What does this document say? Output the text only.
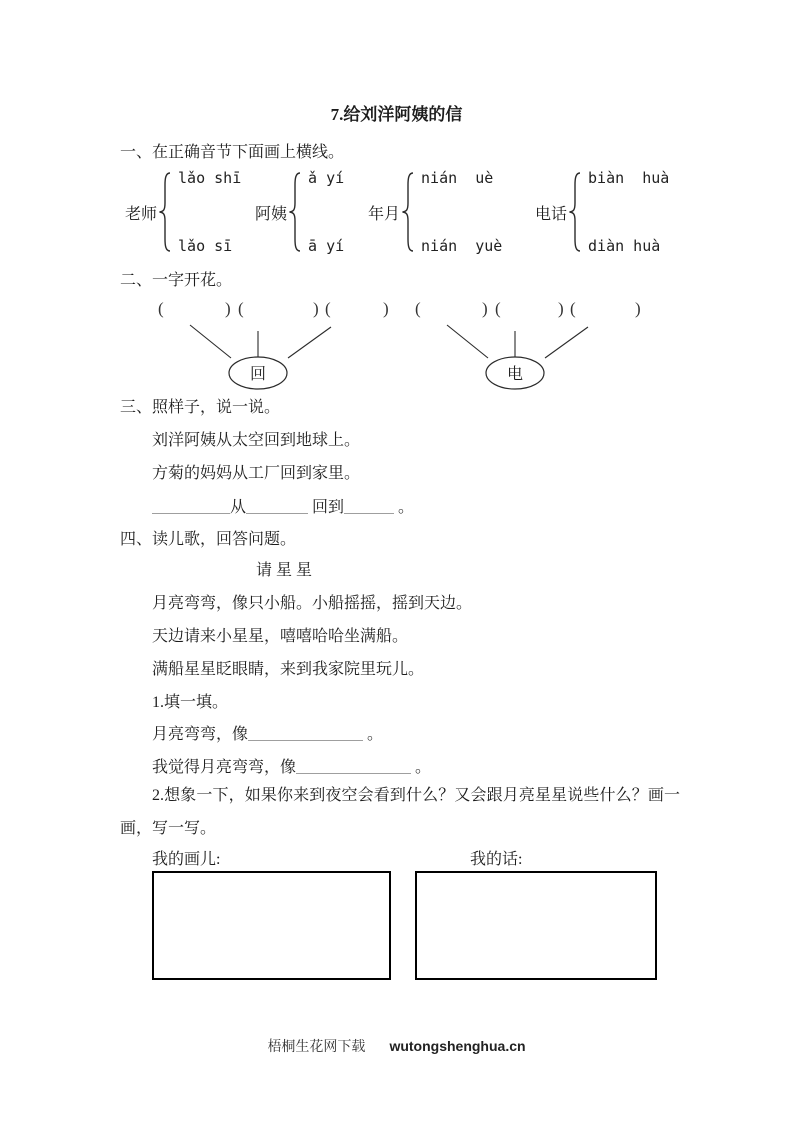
7.给刘洋阿姨的信
一、在正确音节下面画上横线。
老师
lǎo shī
lǎo sī
阿姨
ǎ yí
ā yí
年月
nián  uè
nián  yuè
电话
biàn  huà
diàn huà
二、一字开花。
(	) (	) (	)
回
(	) (	) (	)
电
三、照样子，说一说。
刘洋阿姨从太空回到地球上。
方菊的妈妈从工厂回到家里。
从	回到	。
四、读儿歌，回答问题。
请 星 星
月亮弯弯，像只小船。小船摇摇，摇到天边。
天边请来小星星，嘻嘻哈哈坐满船。
满船星星眨眼睛，来到我家院里玩儿。
1.填一填。
月亮弯弯，像	。
我觉得月亮弯弯，像	。
2.想象一下，如果你来到夜空会看到什么？又会跟月亮星星说些什么？画一画，写一写。
我的画儿:	我的话:
梧桐生花网下载 wutongshenghua.cn
